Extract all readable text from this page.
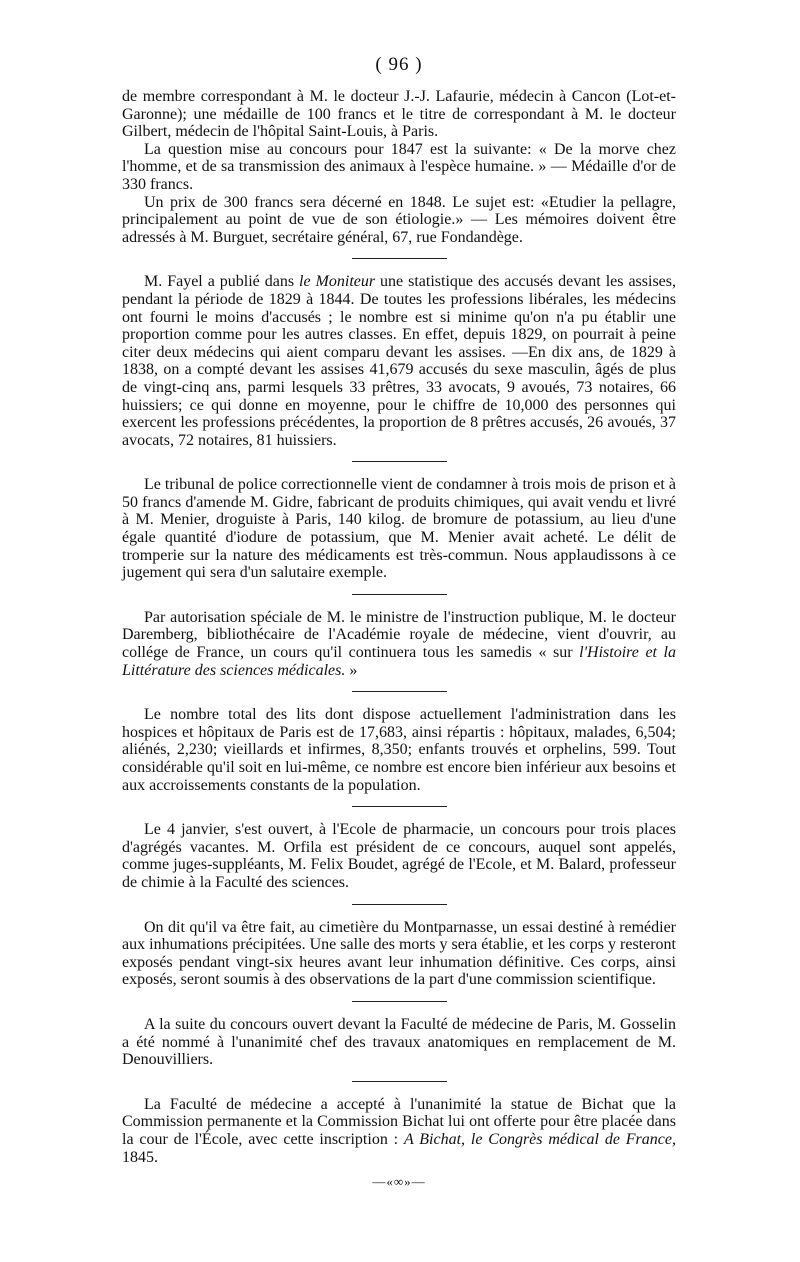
( 96 )

de membre correspondant à M. le docteur J.-J. Lafaurie, médecin à Cancon (Lot-et-Garonne); une médaille de 100 francs et le titre de correspondant à M. le docteur Gilbert, médecin de l'hôpital Saint-Louis, à Paris.

La question mise au concours pour 1847 est la suivante: « De la morve chez l'homme, et de sa transmission des animaux à l'espèce humaine. » — Médaille d'or de 330 francs.

Un prix de 300 francs sera décerné en 1848. Le sujet est: «Etudier la pellagre, principalement au point de vue de son étiologie.» — Les mémoires doivent être adressés à M. Burguet, secrétaire général, 67, rue Fondandège.

M. Fayel a publié dans le Moniteur une statistique des accusés devant les assises, pendant la période de 1829 à 1844. De toutes les professions libérales, les médecins ont fourni le moins d'accusés ; le nombre est si minime qu'on n'a pu établir une proportion comme pour les autres classes. En effet, depuis 1829, on pourrait à peine citer deux médecins qui aient comparu devant les assises. —En dix ans, de 1829 à 1838, on a compté devant les assises 41,679 accusés du sexe masculin, âgés de plus de vingt-cinq ans, parmi lesquels 33 prêtres, 33 avocats, 9 avoués, 73 notaires, 66 huissiers; ce qui donne en moyenne, pour le chiffre de 10,000 des personnes qui exercent les professions précédentes, la proportion de 8 prêtres accusés, 26 avoués, 37 avocats, 72 notaires, 81 huissiers.

Le tribunal de police correctionnelle vient de condamner à trois mois de prison et à 50 francs d'amende M. Gidre, fabricant de produits chimiques, qui avait vendu et livré à M. Menier, droguiste à Paris, 140 kilog. de bromure de potassium, au lieu d'une égale quantité d'iodure de potassium, que M. Menier avait acheté. Le délit de tromperie sur la nature des médicaments est très-commun. Nous applaudissons à ce jugement qui sera d'un salutaire exemple.

Par autorisation spéciale de M. le ministre de l'instruction publique, M. le docteur Daremberg, bibliothécaire de l'Académie royale de médecine, vient d'ouvrir, au collége de France, un cours qu'il continuera tous les samedis « sur l'Histoire et la Littérature des sciences médicales. »

Le nombre total des lits dont dispose actuellement l'administration dans les hospices et hôpitaux de Paris est de 17,683, ainsi répartis : hôpitaux, malades, 6,504; aliénés, 2,230; vieillards et infirmes, 8,350; enfants trouvés et orphelins, 599. Tout considérable qu'il soit en lui-même, ce nombre est encore bien inférieur aux besoins et aux accroissements constants de la population.

Le 4 janvier, s'est ouvert, à l'Ecole de pharmacie, un concours pour trois places d'agrégés vacantes. M. Orfila est président de ce concours, auquel sont appelés, comme juges-suppléants, M. Felix Boudet, agrégé de l'Ecole, et M. Balard, professeur de chimie à la Faculté des sciences.

On dit qu'il va être fait, au cimetière du Montparnasse, un essai destiné à remédier aux inhumations précipitées. Une salle des morts y sera établie, et les corps y resteront exposés pendant vingt-six heures avant leur inhumation définitive. Ces corps, ainsi exposés, seront soumis à des observations de la part d'une commission scientifique.

A la suite du concours ouvert devant la Faculté de médecine de Paris, M. Gosselin a été nommé à l'unanimité chef des travaux anatomiques en remplacement de M. Denouvilliers.

La Faculté de médecine a accepté à l'unanimité la statue de Bichat que la Commission permanente et la Commission Bichat lui ont offerte pour être placée dans la cour de l'École, avec cette inscription : A Bichat, le Congrès médical de France, 1845.

—«∞»—
